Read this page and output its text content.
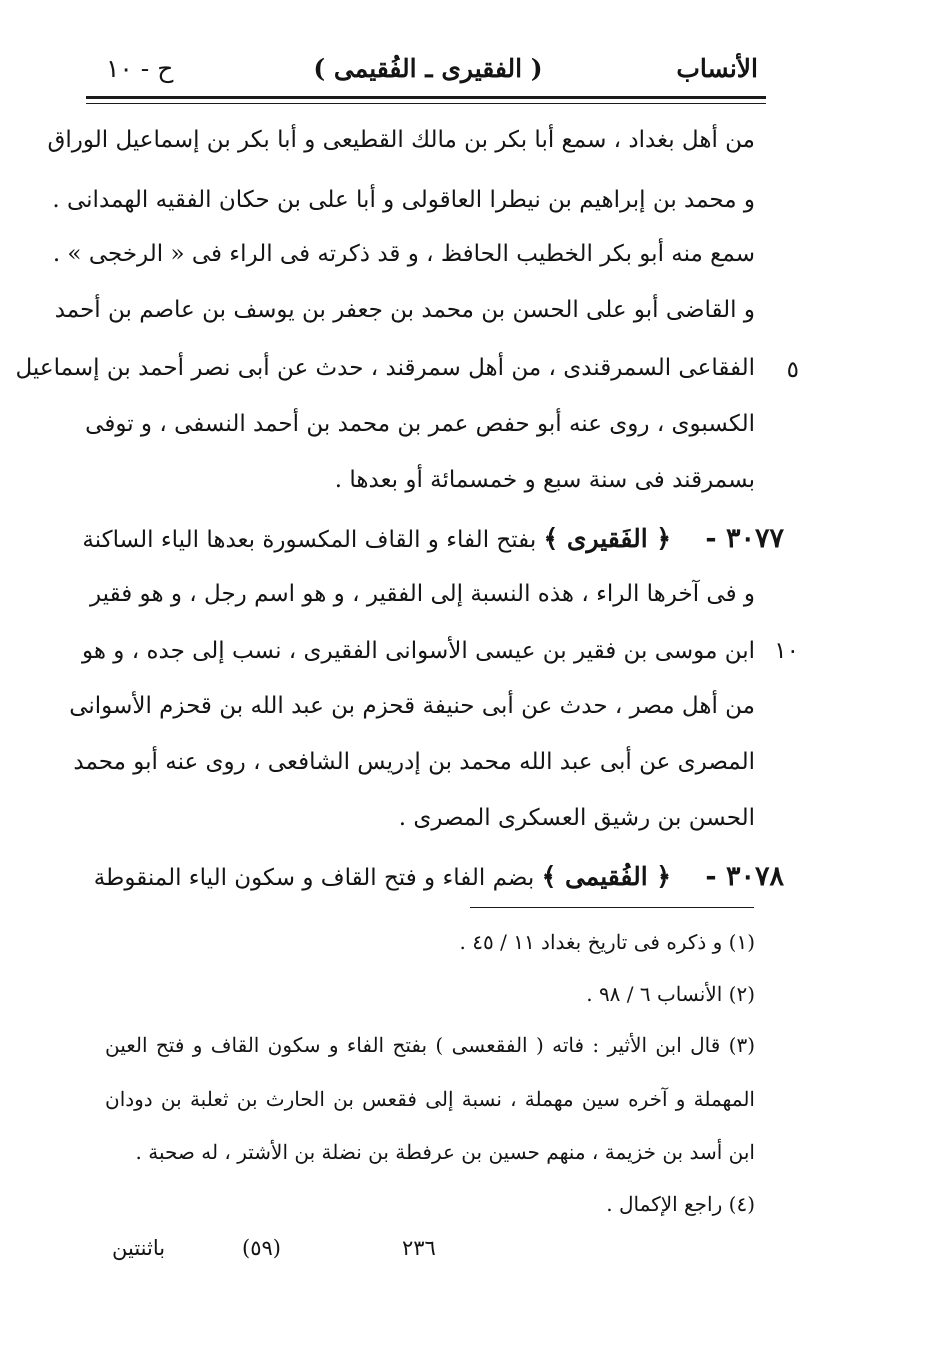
الأنساب
( الفقيرى ـ الفُقيمى )
ح - ١٠
من أهل بغداد ، سمع أبا بكر بن مالك القطيعى و أبا بكر بن إسماعيل الوراق
و محمد بن إبراهيم بن نيطرا العاقولى و أبا على بن حكان الفقيه الهمدانى .
سمع منه أبو بكر الخطيب الحافظ ، و قد ذكرته فى الراء فى « الرخجى » .
و القاضى أبو على الحسن بن محمد بن جعفر بن يوسف بن عاصم بن أحمد
٥
الفقاعى السمرقندى ، من أهل سمرقند ، حدث عن أبى نصر أحمد بن إسماعيل
الكسبوى ، روى عنه أبو حفص عمر بن محمد بن أحمد النسفى ، و توفى
بسمرقند فى سنة سبع و خمسمائة أو بعدها .
٣٠٧٧ -
﴿ الفَقيرى ﴾ بفتح الفاء و القاف المكسورة بعدها الياء الساكنة
و فى آخرها الراء ، هذه النسبة إلى الفقير ، و هو اسم رجل ، و هو فقير
١٠
ابن موسى بن فقير بن عيسى الأسوانى الفقيرى ، نسب إلى جده ، و هو
من أهل مصر ، حدث عن أبى حنيفة قحزم بن عبد الله بن قحزم الأسوانى
المصرى عن أبى عبد الله محمد بن إدريس الشافعى ، روى عنه أبو محمد
الحسن بن رشيق العسكرى المصرى .
٣٠٧٨ -
﴿ الفُقيمى ﴾ بضم الفاء و فتح القاف و سكون الياء المنقوطة
(١) و ذكره فى تاريخ بغداد ١١ / ٤٥ .
(٢) الأنساب ٦ / ٩٨ .
(٣) قال ابن الأثير : فاته ( الفقعسى ) بفتح الفاء و سكون القاف و فتح العين
المهملة و آخره سين مهملة ، نسبة إلى فقعس بن الحارث بن ثعلبة بن دودان
ابن أسد بن خزيمة ، منهم حسين بن عرفطة بن نضلة بن الأشتر ، له صحبة .
(٤) راجع الإكمال .
(٥٩)	٢٣٦
باثنتين
